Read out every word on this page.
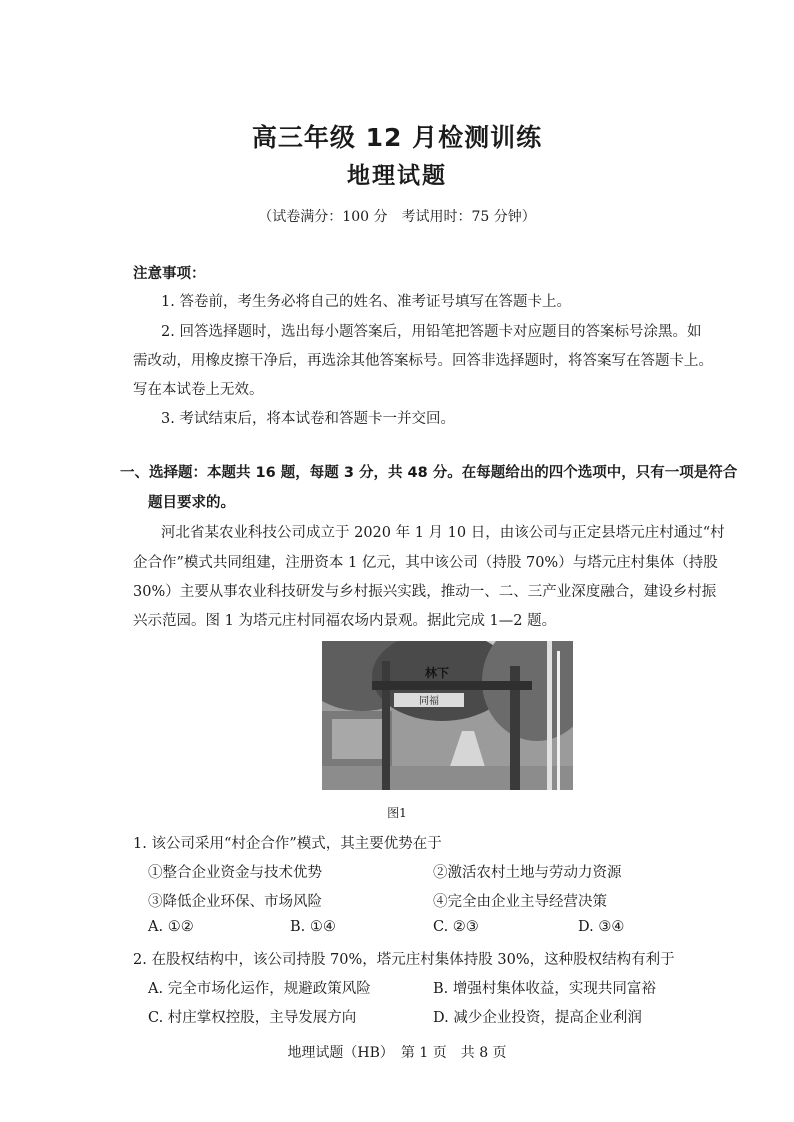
高三年级 12 月检测训练
地理试题
（试卷满分：100 分　考试用时：75 分钟）
注意事项：
1. 答卷前，考生务必将自己的姓名、准考证号填写在答题卡上。
2. 回答选择题时，选出每小题答案后，用铅笔把答题卡对应题目的答案标号涂黑。如
需改动，用橡皮擦干净后，再选涂其他答案标号。回答非选择题时，将答案写在答题卡上。
写在本试卷上无效。
3. 考试结束后，将本试卷和答题卡一并交回。
一、选择题：本题共 16 题，每题 3 分，共 48 分。在每题给出的四个选项中，只有一项是符合
题目要求的。
河北省某农业科技公司成立于 2020 年 1 月 10 日，由该公司与正定县塔元庄村通过“村
企合作”模式共同组建，注册资本 1 亿元，其中该公司（持股 70%）与塔元庄村集体（持股
30%）主要从事农业科技研发与乡村振兴实践，推动一、二、三产业深度融合，建设乡村振
兴示范园。图 1 为塔元庄村同福农场内景观。据此完成 1—2 题。
同福
林下
图1
1. 该公司采用“村企合作”模式，其主要优势在于
①整合企业资金与技术优势	②激活农村土地与劳动力资源
③降低企业环保、市场风险	④完全由企业主导经营决策
A. ①②	B. ①④	C. ②③	D. ③④
2. 在股权结构中，该公司持股 70%，塔元庄村集体持股 30%，这种股权结构有利于
A. 完全市场化运作，规避政策风险	B. 增强村集体收益，实现共同富裕
C. 村庄掌权控股，主导发展方向	D. 减少企业投资，提高企业利润
地理试题（HB）　第 1 页　共 8 页
